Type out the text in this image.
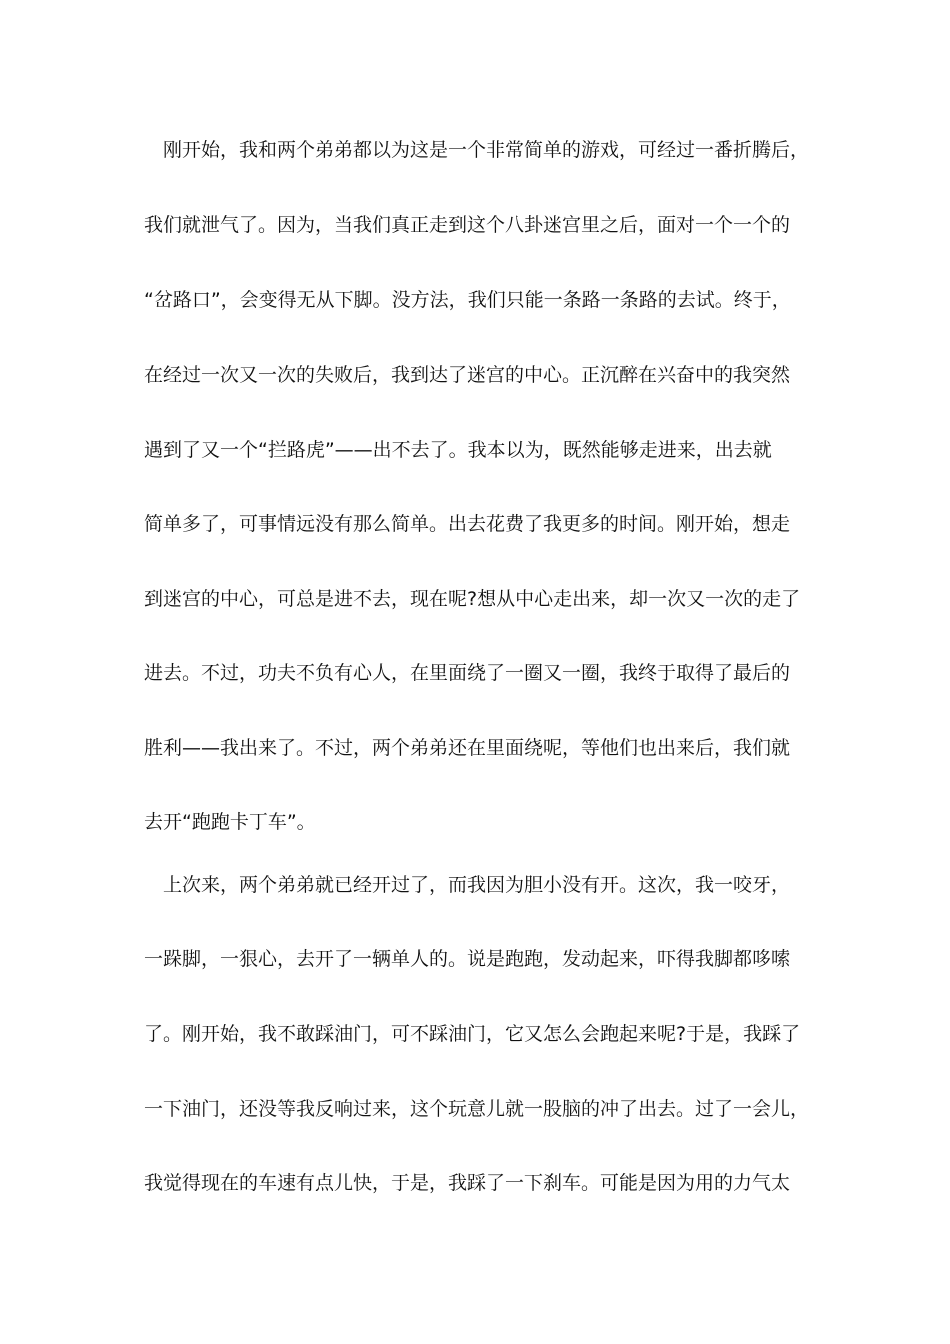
刚开始，我和两个弟弟都以为这是一个非常简单的游戏，可经过一番折腾后，
我们就泄气了。因为，当我们真正走到这个八卦迷宫里之后，面对一个一个的
“岔路口”，会变得无从下脚。没方法，我们只能一条路一条路的去试。终于，
在经过一次又一次的失败后，我到达了迷宫的中心。正沉醉在兴奋中的我突然
遇到了又一个“拦路虎”——出不去了。我本以为，既然能够走进来，出去就
简单多了，可事情远没有那么简单。出去花费了我更多的时间。刚开始，想走
到迷宫的中心，可总是进不去，现在呢?想从中心走出来，却一次又一次的走了
进去。不过，功夫不负有心人，在里面绕了一圈又一圈，我终于取得了最后的
胜利——我出来了。不过，两个弟弟还在里面绕呢，等他们也出来后，我们就
去开“跑跑卡丁车”。
上次来，两个弟弟就已经开过了，而我因为胆小没有开。这次，我一咬牙，
一跺脚，一狠心，去开了一辆单人的。说是跑跑，发动起来，吓得我脚都哆嗦
了。刚开始，我不敢踩油门，可不踩油门，它又怎么会跑起来呢?于是，我踩了
一下油门，还没等我反响过来，这个玩意儿就一股脑的冲了出去。过了一会儿，
我觉得现在的车速有点儿快，于是，我踩了一下刹车。可能是因为用的力气太
